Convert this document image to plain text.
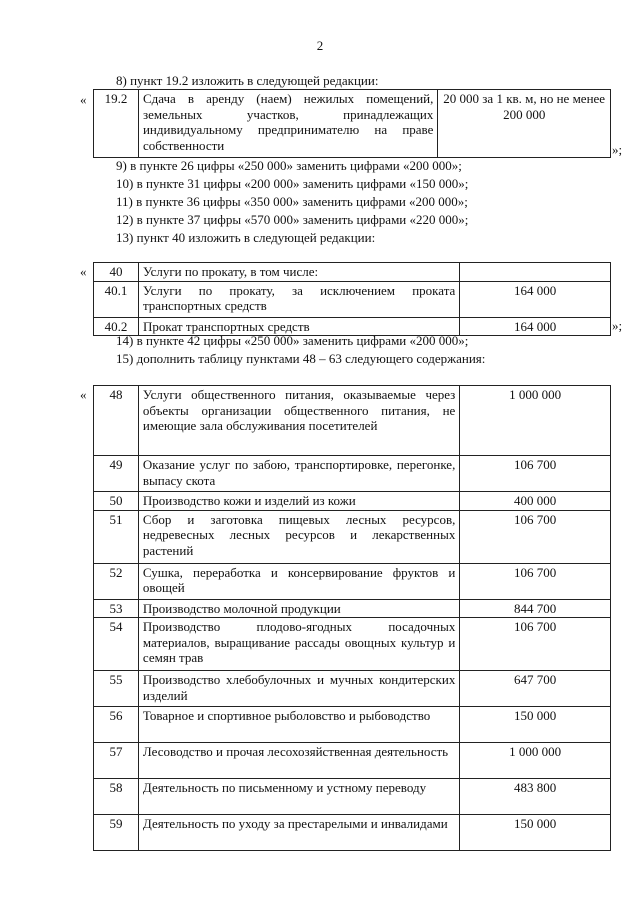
2
8) пункт 19.2 изложить в следующей редакции:
« 19.2	Сдача в аренду (наем) нежилых помещений, земельных участков, принадлежащих индивидуальному предпринимателю на праве собственности	20 000 за 1 кв. м, но не менее 200 000
»;
9) в пункте 26 цифры «250 000» заменить цифрами «200 000»;
10) в пункте 31 цифры «200 000» заменить цифрами «150 000»;
11) в пункте 36 цифры «350 000» заменить цифрами «200 000»;
12) в пункте 37 цифры «570 000» заменить цифрами «220 000»;
13) пункт 40 изложить в следующей редакции:
« 40	Услуги по прокату, в том числе:	
40.1	Услуги по прокату, за исключением проката транспортных средств	164 000
40.2	Прокат транспортных средств	164 000	»;
14) в пункте 42 цифры «250 000» заменить цифрами «200 000»;
15) дополнить таблицу пунктами 48 – 63 следующего содержания:
« 48	Услуги общественного питания, оказываемые через объекты организации общественного питания, не имеющие зала обслуживания посетителей	1 000 000
49	Оказание услуг по забою, транспортировке, перегонке, выпасу скота	106 700
50	Производство кожи и изделий из кожи	400 000
51	Сбор и заготовка пищевых лесных ресурсов, недревесных лесных ресурсов и лекарственных растений	106 700
52	Сушка, переработка и консервирование фруктов и овощей	106 700
53	Производство молочной продукции	844 700
54	Производство плодово-ягодных посадочных материалов, выращивание рассады овощных культур и семян трав	106 700
55	Производство хлебобулочных и мучных кондитерских изделий	647 700
56	Товарное и спортивное рыболовство и рыбоводство	150 000
57	Лесоводство и прочая лесохозяйственная деятельность	1 000 000
58	Деятельность по письменному и устному переводу	483 800
59	Деятельность по уходу за престарелыми и инвалидами	150 000
